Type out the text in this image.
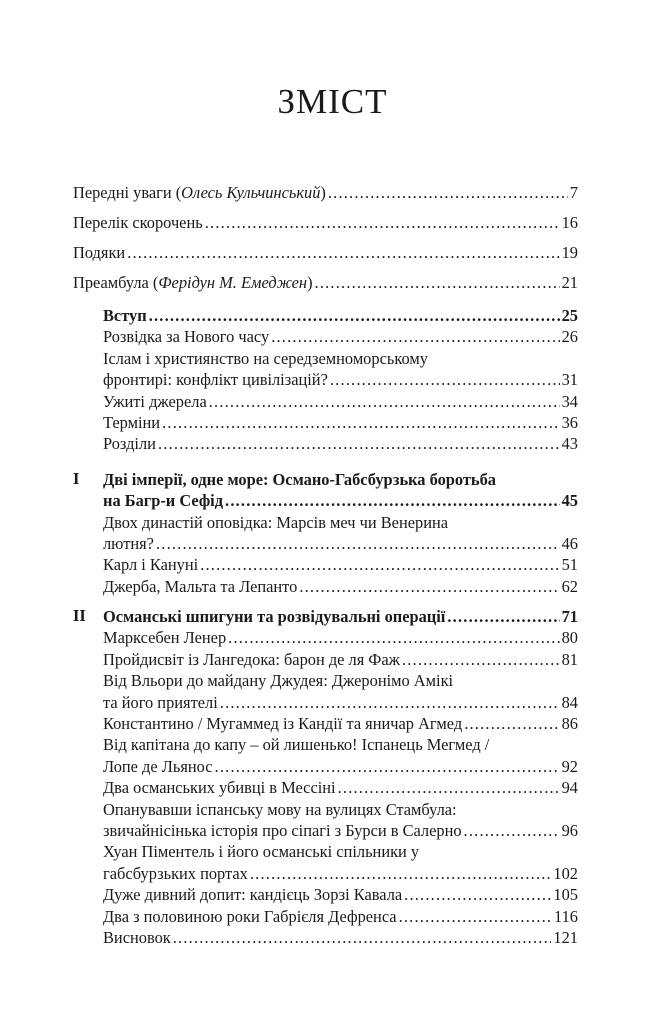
ЗМІСТ
Передні уваги (Олесь Кульчинський) .....	7
Перелік скорочень .....	16
Подяки .....	19
Преамбула (Ферідун М. Емеджен) .....	21
Вступ .....	25
Розвідка за Нового часу .....	26
Іслам і християнство на середземноморському
фронтирі: конфлікт цивілізацій? .....	31
Ужиті джерела .....	34
Терміни .....	36
Розділи .....	43
I	Дві імперії, одне море: Османо-Габсбурзька боротьба
на Багр-и Сефід .....	45
Двох династій оповідка: Марсів меч чи Венерина
лютня? .....	46
Карл і Кануні .....	51
Джерба, Мальта та Лепанто .....	62
II	Османські шпигуни та розвідувальні операції .....	71
Марксебен Ленер .....	80
Пройдисвіт із Лангедока: барон де ля Фаж .....	81
Від Вльори до майдану Джудея: Джеронімо Амікі
та його приятелі .....	84
Константино / Мугаммед із Кандії та яничар Агмед .....	86
Від капітана до капу – ой лишенько! Іспанець Мегмед /
Лопе де Льянос .....	92
Два османських убивці в Мессіні .....	94
Опанувавши іспанську мову на вулицях Стамбула:
звичайнісінька історія про сіпагі з Бурси в Салерно .....	96
Хуан Піментель і його османські спільники у
габсбурзьких портах .....	102
Дуже дивний допит: кандієць Зорзі Кавала .....	105
Два з половиною роки Габрієля Дефренса .....	116
Висновок .....	121
